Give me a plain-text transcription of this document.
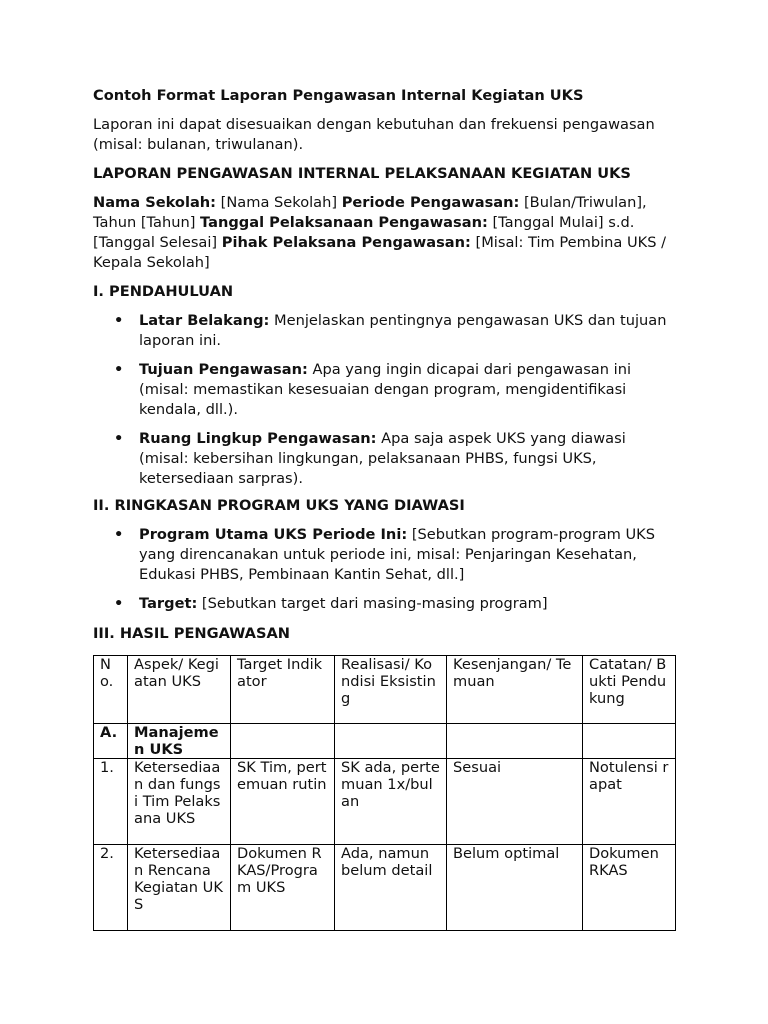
Contoh Format Laporan Pengawasan Internal Kegiatan UKS
Laporan ini dapat disesuaikan dengan kebutuhan dan frekuensi pengawasan (misal: bulanan, triwulanan).
LAPORAN PENGAWASAN INTERNAL PELAKSANAAN KEGIATAN UKS
Nama Sekolah: [Nama Sekolah] Periode Pengawasan: [Bulan/Triwulan], Tahun [Tahun] Tanggal Pelaksanaan Pengawasan: [Tanggal Mulai] s.d. [Tanggal Selesai] Pihak Pelaksana Pengawasan: [Misal: Tim Pembina UKS / Kepala Sekolah]
I. PENDAHULUAN
• Latar Belakang: Menjelaskan pentingnya pengawasan UKS dan tujuan laporan ini.
• Tujuan Pengawasan: Apa yang ingin dicapai dari pengawasan ini (misal: memastikan kesesuaian dengan program, mengidentifikasi kendala, dll.).
• Ruang Lingkup Pengawasan: Apa saja aspek UKS yang diawasi (misal: kebersihan lingkungan, pelaksanaan PHBS, fungsi UKS, ketersediaan sarpras).
II. RINGKASAN PROGRAM UKS YANG DIAWASI
• Program Utama UKS Periode Ini: [Sebutkan program-program UKS yang direncanakan untuk periode ini, misal: Penjaringan Kesehatan, Edukasi PHBS, Pembinaan Kantin Sehat, dll.]
• Target: [Sebutkan target dari masing-masing program]
III. HASIL PENGAWASAN
No.	Aspek/ Kegiatan UKS	Target Indikator	Realisasi/ Kondisi Eksisting	Kesenjangan/ Temuan	Catatan/ Bukti Pendukung
A.	Manajemen UKS				
1.	Ketersediaan dan fungsi Tim Pelaksana UKS	SK Tim, pertemuan rutin	SK ada, pertemuan 1x/bulan	Sesuai	Notulensi rapat
2.	Ketersediaan Rencana Kegiatan UKS	Dokumen RKAS/Program UKS	Ada, namun belum detail	Belum optimal	Dokumen RKAS
